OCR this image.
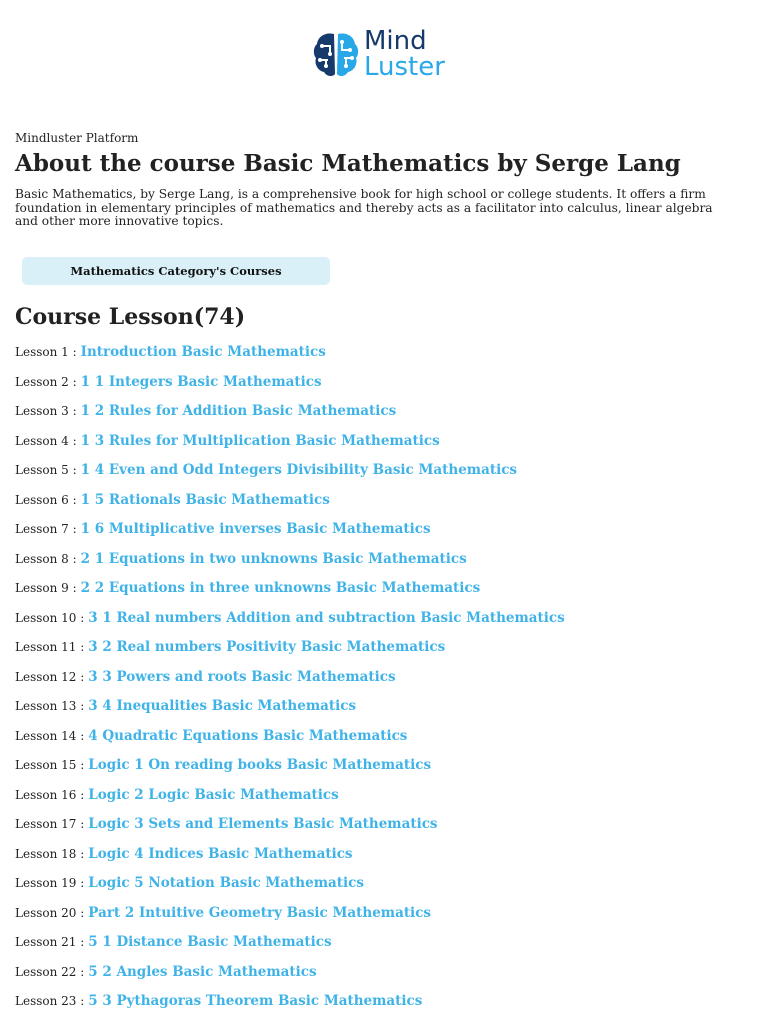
Mind
Luster
Mindluster Platform
About the course Basic Mathematics by Serge Lang

Basic Mathematics, by Serge Lang, is a comprehensive book for high school or college students. It offers a firm foundation in elementary principles of mathematics and thereby acts as a facilitator into calculus, linear algebra and other more innovative topics.

Mathematics Category's Courses
Course Lesson(74)
Lesson 1 : Introduction Basic Mathematics
Lesson 2 : 1 1 Integers Basic Mathematics
Lesson 3 : 1 2 Rules for Addition Basic Mathematics
Lesson 4 : 1 3 Rules for Multiplication Basic Mathematics
Lesson 5 : 1 4 Even and Odd Integers Divisibility Basic Mathematics
Lesson 6 : 1 5 Rationals Basic Mathematics
Lesson 7 : 1 6 Multiplicative inverses Basic Mathematics
Lesson 8 : 2 1 Equations in two unknowns Basic Mathematics
Lesson 9 : 2 2 Equations in three unknowns Basic Mathematics
Lesson 10 : 3 1 Real numbers Addition and subtraction Basic Mathematics
Lesson 11 : 3 2 Real numbers Positivity Basic Mathematics
Lesson 12 : 3 3 Powers and roots Basic Mathematics
Lesson 13 : 3 4 Inequalities Basic Mathematics
Lesson 14 : 4 Quadratic Equations Basic Mathematics
Lesson 15 : Logic 1 On reading books Basic Mathematics
Lesson 16 : Logic 2 Logic Basic Mathematics
Lesson 17 : Logic 3 Sets and Elements Basic Mathematics
Lesson 18 : Logic 4 Indices Basic Mathematics
Lesson 19 : Logic 5 Notation Basic Mathematics
Lesson 20 : Part 2 Intuitive Geometry Basic Mathematics
Lesson 21 : 5 1 Distance Basic Mathematics
Lesson 22 : 5 2 Angles Basic Mathematics
Lesson 23 : 5 3 Pythagoras Theorem Basic Mathematics
